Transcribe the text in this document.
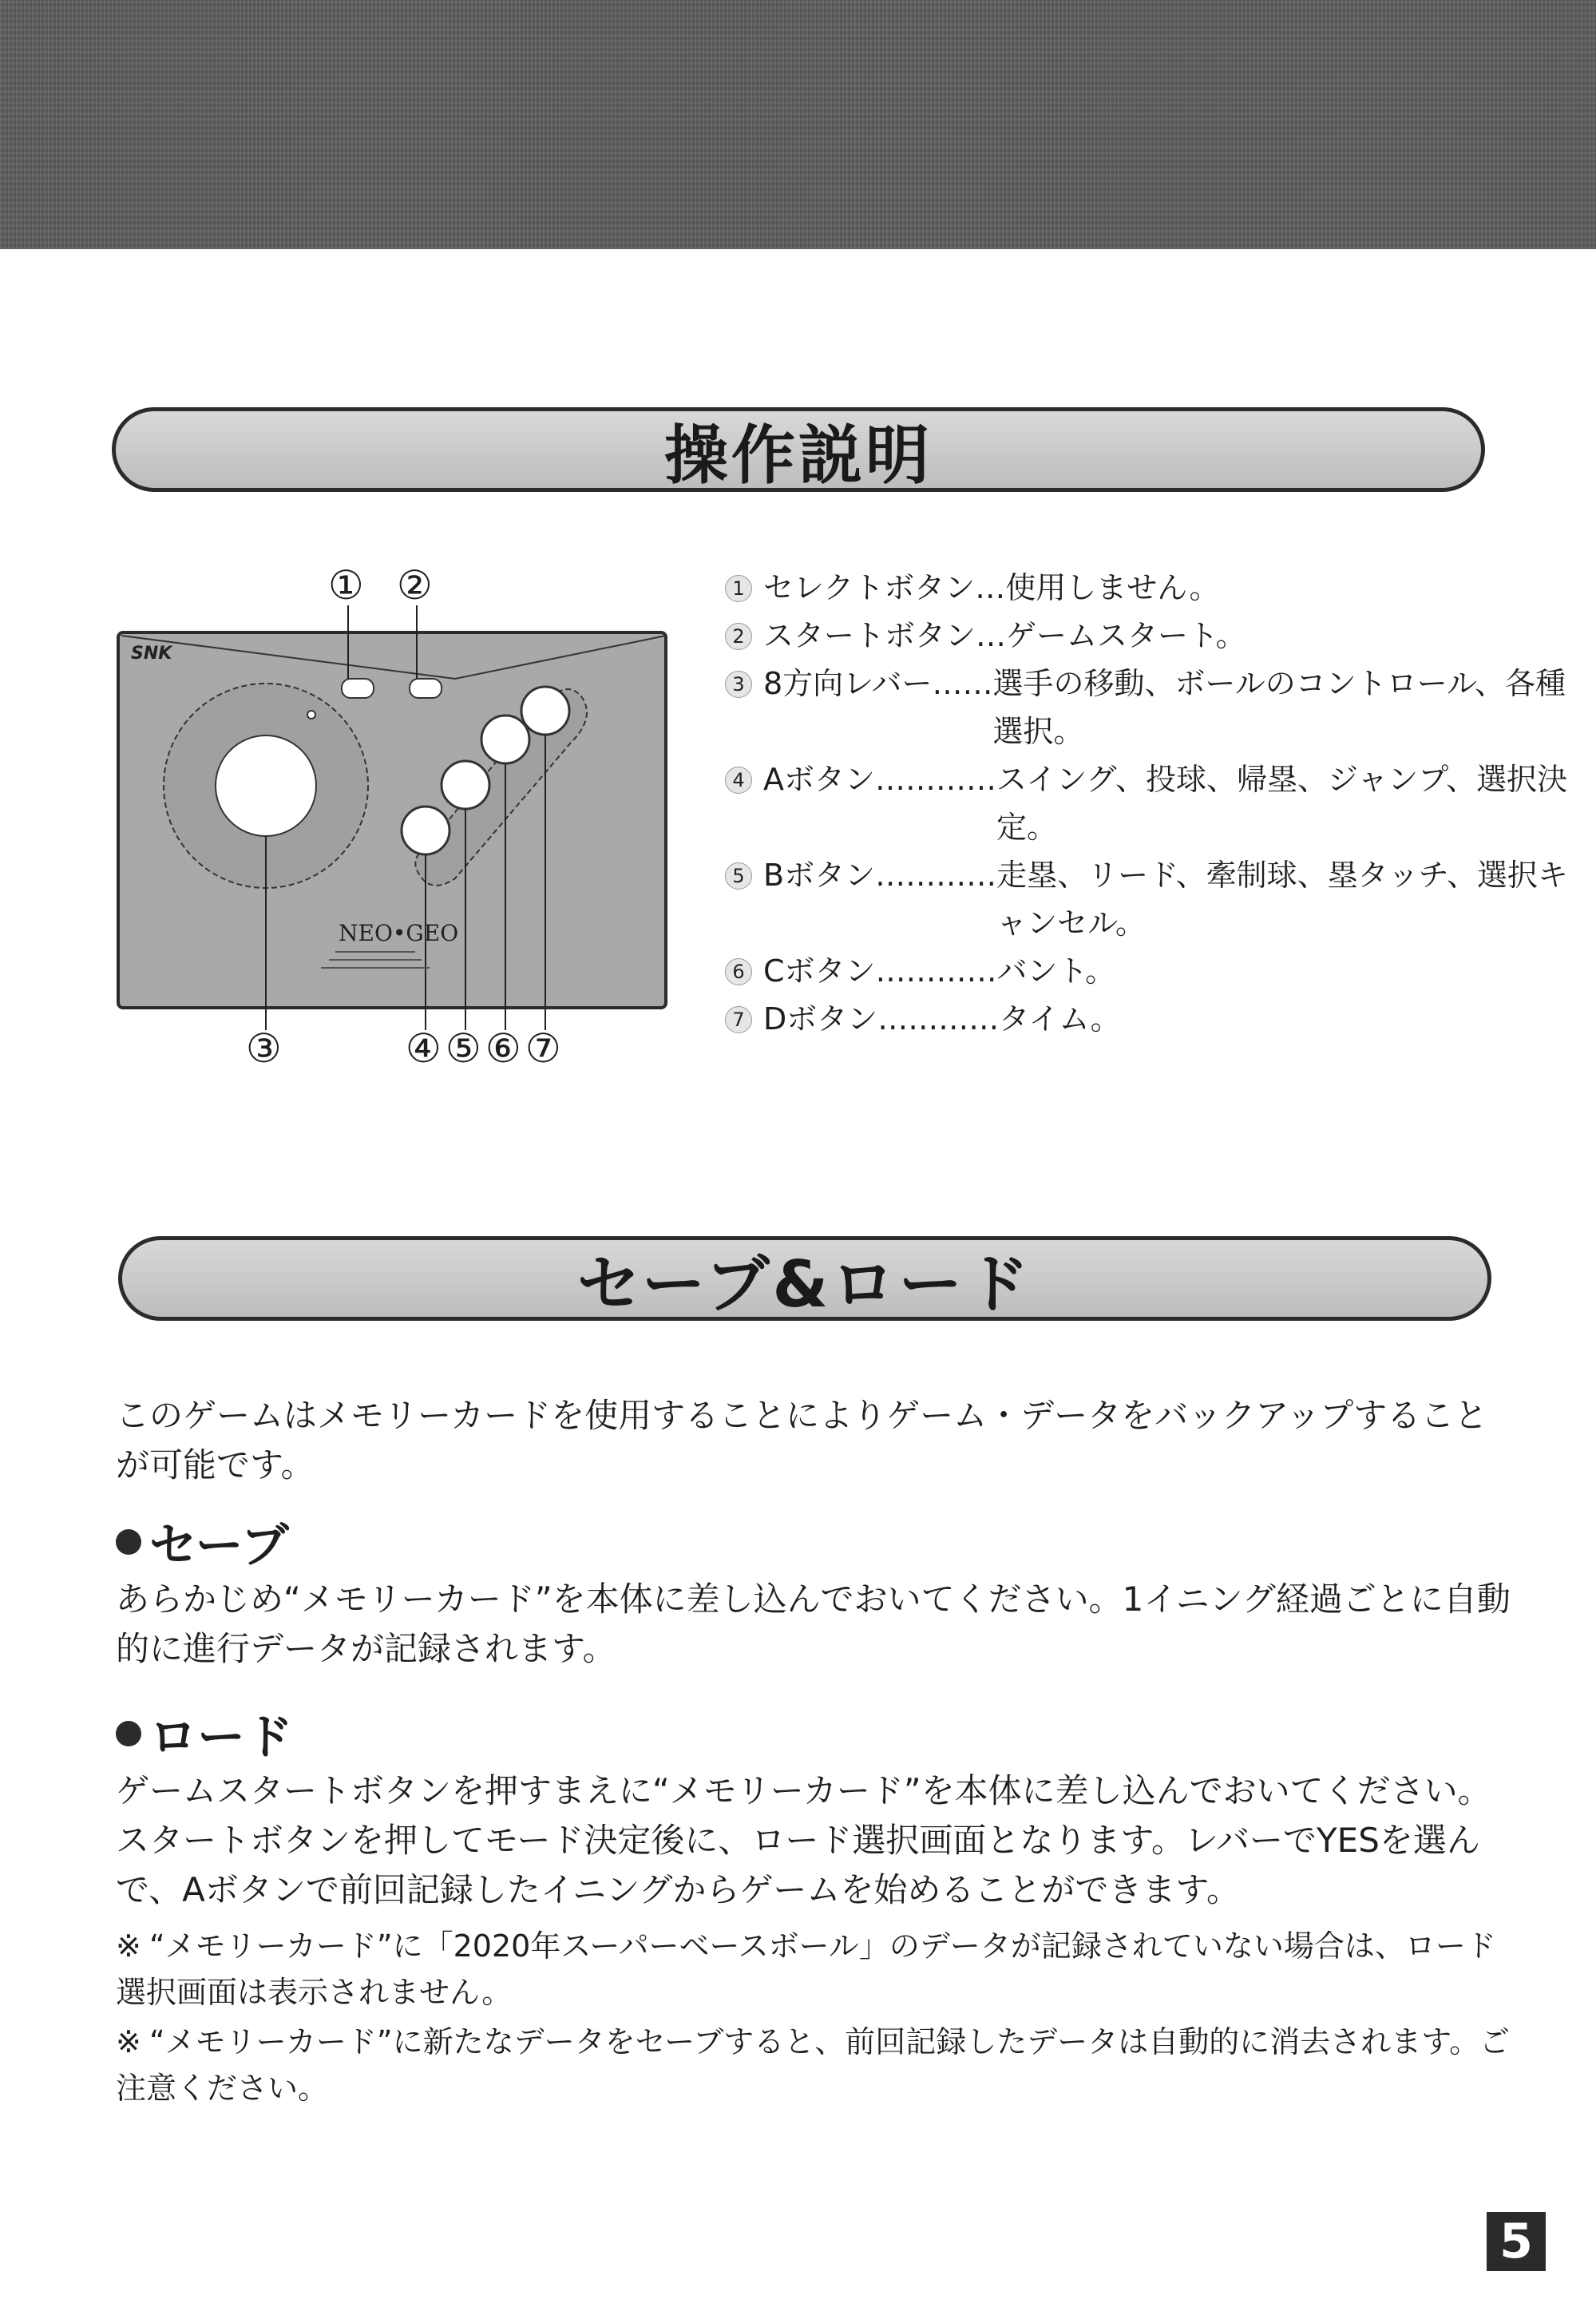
操作説明
SNK
NEO•GEO
① ②
③	④ ⑤ ⑥ ⑦
1 セレクトボタン… 使用しません。
2 スタートボタン… ゲームスタート。
3 8方向レバー…… 選手の移動、ボールのコントロール、各種選択。
4 Aボタン………… スイング、投球、帰塁、ジャンプ、選択決定。
5 Bボタン………… 走塁、リード、牽制球、塁タッチ、選択キャンセル。
6 Cボタン………… バント。
7 Dボタン………… タイム。
セーブ&ロード
このゲームはメモリーカードを使用することによりゲーム・データをバックアップすることが可能です。
セーブ
あらかじめ“メモリーカード”を本体に差し込んでおいてください。1イニング経過ごとに自動的に進行データが記録されます。
ロード
ゲームスタートボタンを押すまえに“メモリーカード”を本体に差し込んでおいてください。スタートボタンを押してモード決定後に、ロード選択画面となります。レバーでYESを選んで、Aボタンで前回記録したイニングからゲームを始めることができます。
※ “メモリーカード”に「2020年スーパーベースボール」のデータが記録されていない場合は、ロード選択画面は表示されません。
※ “メモリーカード”に新たなデータをセーブすると、前回記録したデータは自動的に消去されます。ご注意ください。
5
